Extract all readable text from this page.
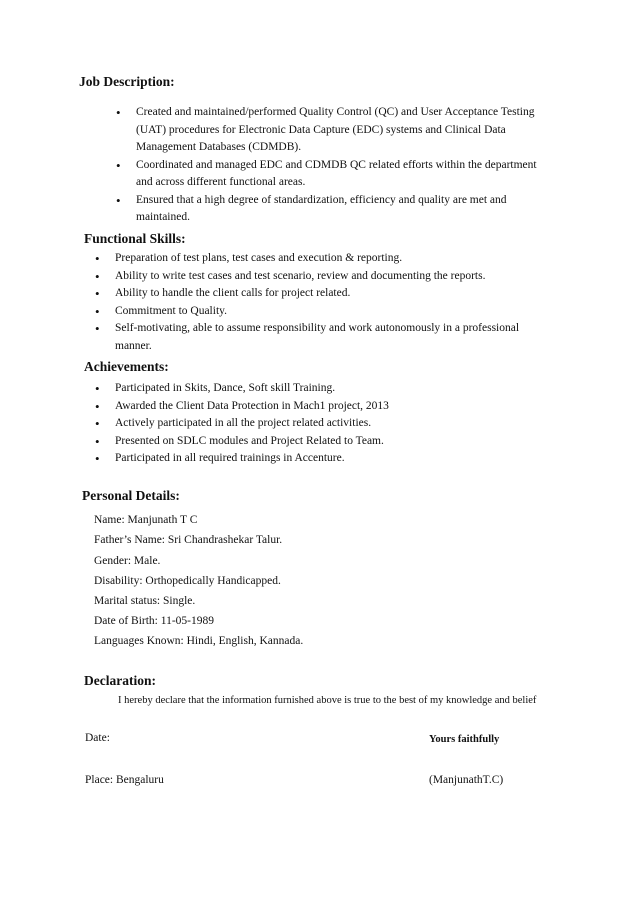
Job Description:
• Created and maintained/performed Quality Control (QC) and User Acceptance Testing (UAT) procedures for Electronic Data Capture (EDC) systems and Clinical Data Management Databases (CDMDB).
• Coordinated and managed EDC and CDMDB QC related efforts within the department and across different functional areas.
• Ensured that a high degree of standardization, efficiency and quality are met and maintained.
Functional Skills:
• Preparation of test plans, test cases and execution & reporting.
• Ability to write test cases and test scenario, review and documenting the reports.
• Ability to handle the client calls for project related.
• Commitment to Quality.
• Self-motivating, able to assume responsibility and work autonomously in a professional manner.
Achievements:
• Participated in Skits, Dance, Soft skill Training.
• Awarded the Client Data Protection in Mach1 project, 2013
• Actively participated in all the project related activities.
• Presented on SDLC modules and Project Related to Team.
• Participated in all required trainings in Accenture.
Personal Details:

Name: Manjunath T C

Father’s Name: Sri Chandrashekar Talur.

Gender: Male.

Disability: Orthopedically Handicapped.

Marital status: Single.

Date of Birth: 11-05-1989

Languages Known: Hindi, English, Kannada.

Declaration:

I hereby declare that the information furnished above is true to the best of my knowledge and belief

Date:	Yours faithfully

Place: Bengaluru	(ManjunathT.C)
